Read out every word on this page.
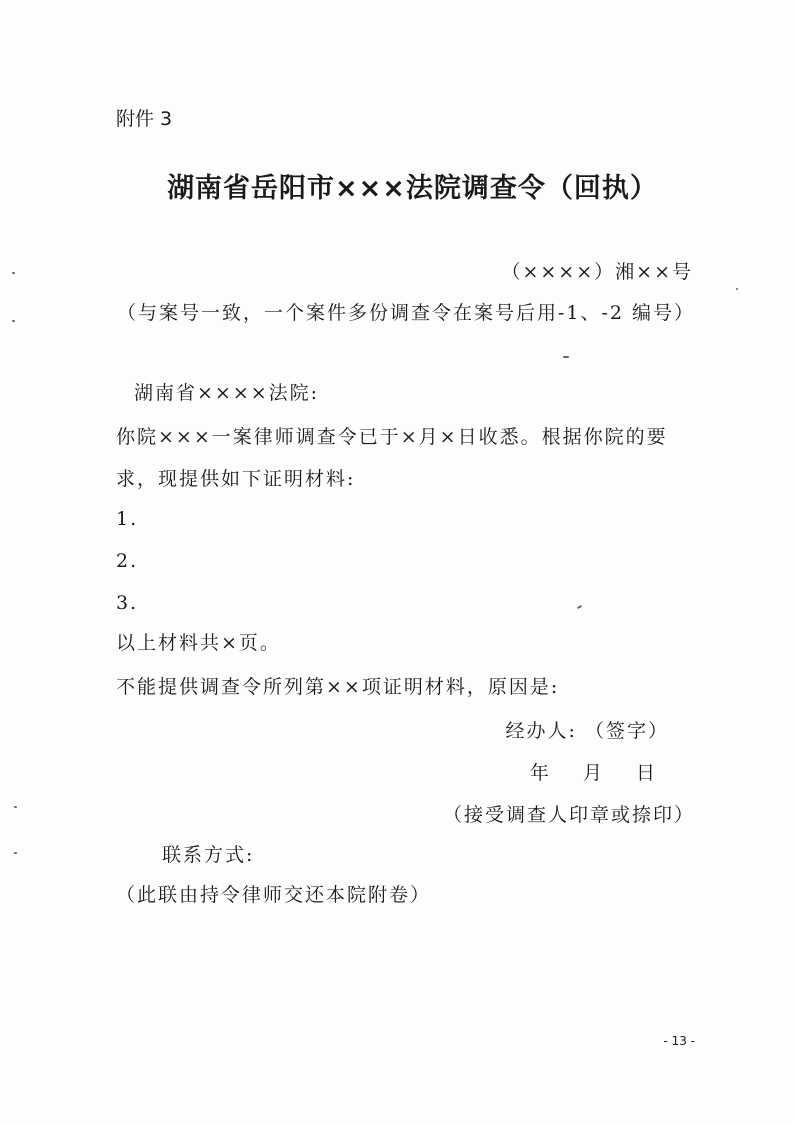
附件 3
湖南省岳阳市×××法院调查令（回执）
（××××）湘××号
（与案号一致，一个案件多份调查令在案号后用-1、-2 编号）
湖南省××××法院:
你院×××一案律师调查令已于×月×日收悉。根据你院的要
求，现提供如下证明材料:
1.
2.
3.
以上材料共×页。
不能提供调查令所列第××项证明材料，原因是:
经办人: （签字）
年 月 日
（接受调查人印章或捺印）
联系方式:
（此联由持令律师交还本院附卷）
- 13 -
